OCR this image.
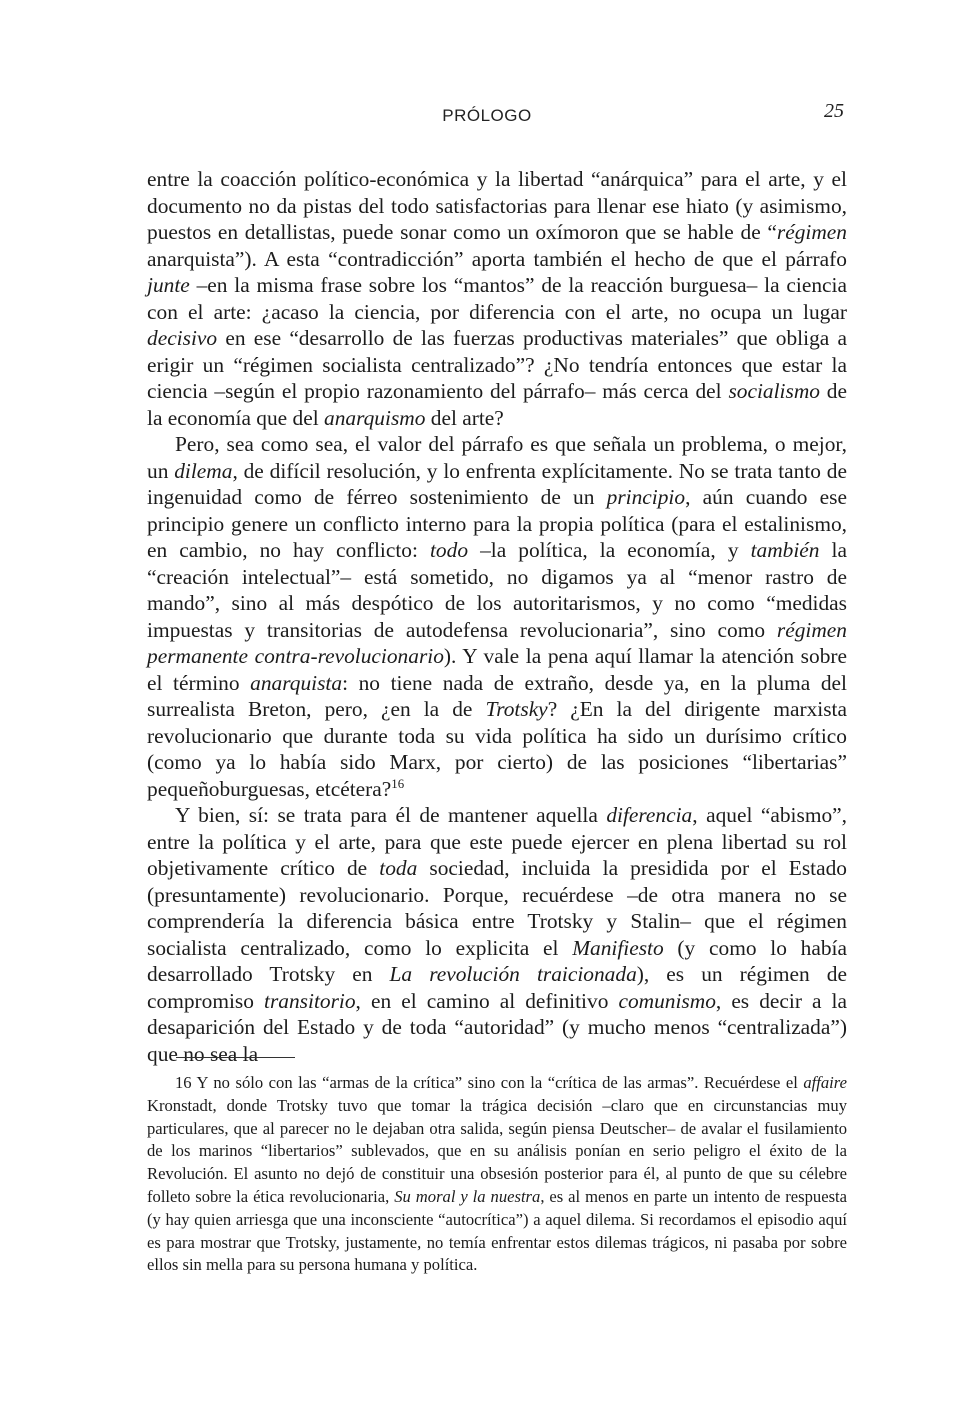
PRÓLOGO	25

entre la coacción político-económica y la libertad “anárquica” para el arte, y el documento no da pistas del todo satisfactorias para llenar ese hiato (y asimismo, puestos en detallistas, puede sonar como un oxímoron que se hable de “régimen anarquista”). A esta “contradicción” aporta también el hecho de que el párrafo junte –en la misma frase sobre los “mantos” de la reacción burguesa– la ciencia con el arte: ¿acaso la ciencia, por diferencia con el arte, no ocupa un lugar decisivo en ese “desarrollo de las fuerzas productivas materiales” que obliga a erigir un “régimen socialista centralizado”? ¿No tendría entonces que estar la ciencia –según el propio razonamiento del párrafo– más cerca del socialismo de la economía que del anarquismo del arte?

Pero, sea como sea, el valor del párrafo es que señala un problema, o mejor, un dilema, de difícil resolución, y lo enfrenta explícitamente. No se trata tanto de ingenuidad como de férreo sostenimiento de un principio, aún cuando ese principio genere un conflicto interno para la propia política (para el estalinismo, en cambio, no hay conflicto: todo –la política, la economía, y también la “creación intelectual”– está sometido, no digamos ya al “menor rastro de mando”, sino al más despótico de los autoritarismos, y no como “medidas impuestas y transitorias de autodefensa revolucionaria”, sino como régimen permanente contra-revolucionario). Y vale la pena aquí llamar la atención sobre el término anarquista: no tiene nada de extraño, desde ya, en la pluma del surrealista Breton, pero, ¿en la de Trotsky? ¿En la del dirigente marxista revolucionario que durante toda su vida política ha sido un durísimo crítico (como ya lo había sido Marx, por cierto) de las posiciones “libertarias” pequeñoburguesas, etcétera?$^{16}$

Y bien, sí: se trata para él de mantener aquella diferencia, aquel “abismo”, entre la política y el arte, para que este puede ejercer en plena libertad su rol objetivamente crítico de toda sociedad, incluida la presidida por el Estado (presuntamente) revolucionario. Porque, recuérdese –de otra manera no se comprendería la diferencia básica entre Trotsky y Stalin– que el régimen socialista centralizado, como lo explicita el Manifiesto (y como lo había desarrollado Trotsky en La revolución traicionada), es un régimen de compromiso transitorio, en el camino al definitivo comunismo, es decir a la desaparición del Estado y de toda “autoridad” (y mucho menos “centralizada”) que no sea la

16 Y no sólo con las “armas de la crítica” sino con la “crítica de las armas”. Recuérdese el affaire Kronstadt, donde Trotsky tuvo que tomar la trágica decisión –claro que en circunstancias muy particulares, que al parecer no le dejaban otra salida, según piensa Deutscher– de avalar el fusilamiento de los marinos “libertarios” sublevados, que en su análisis ponían en serio peligro el éxito de la Revolución. El asunto no dejó de constituir una obsesión posterior para él, al punto de que su célebre folleto sobre la ética revolucionaria, Su moral y la nuestra, es al menos en parte un intento de respuesta (y hay quien arriesga que una inconsciente “autocrítica”) a aquel dilema. Si recordamos el episodio aquí es para mostrar que Trotsky, justamente, no temía enfrentar estos dilemas trágicos, ni pasaba por sobre ellos sin mella para su persona humana y política.
